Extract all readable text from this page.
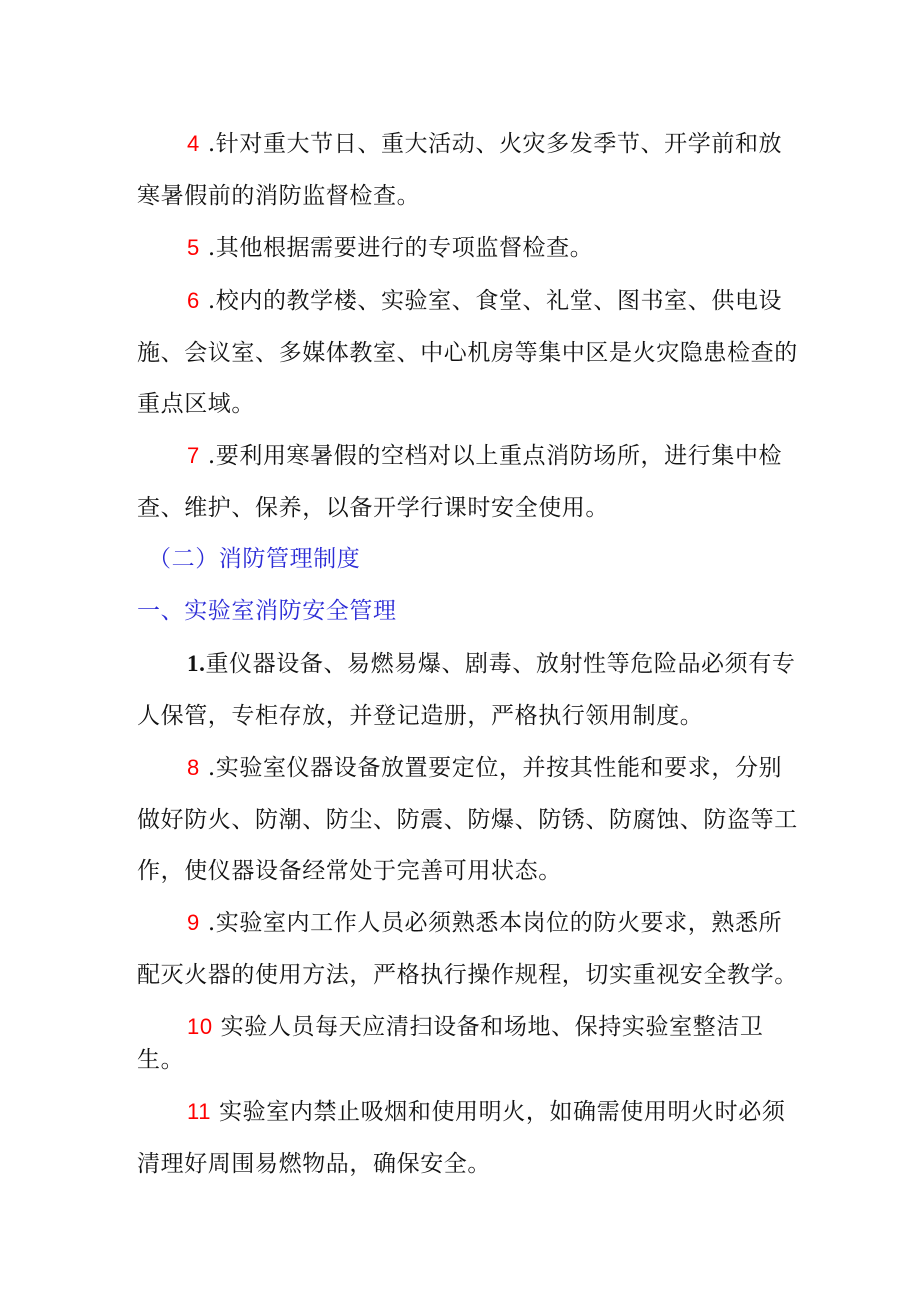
4 .针对重大节日、重大活动、火灾多发季节、开学前和放
寒暑假前的消防监督检查。
5 .其他根据需要进行的专项监督检查。
6 .校内的教学楼、实验室、食堂、礼堂、图书室、供电设
施、会议室、多媒体教室、中心机房等集中区是火灾隐患检查的
重点区域。
7 .要利用寒暑假的空档对以上重点消防场所，进行集中检
查、维护、保养，以备开学行课时安全使用。
（二）消防管理制度
一、实验室消防安全管理
1.重仪器设备、易燃易爆、剧毒、放射性等危险品必须有专
人保管，专柜存放，并登记造册，严格执行领用制度。
8 .实验室仪器设备放置要定位，并按其性能和要求，分别
做好防火、防潮、防尘、防震、防爆、防锈、防腐蚀、防盗等工
作，使仪器设备经常处于完善可用状态。
9 .实验室内工作人员必须熟悉本岗位的防火要求，熟悉所
配灭火器的使用方法，严格执行操作规程，切实重视安全教学。
10 实验人员每天应清扫设备和场地、保持实验室整洁卫
生。
11 实验室内禁止吸烟和使用明火，如确需使用明火时必须
清理好周围易燃物品，确保安全。
